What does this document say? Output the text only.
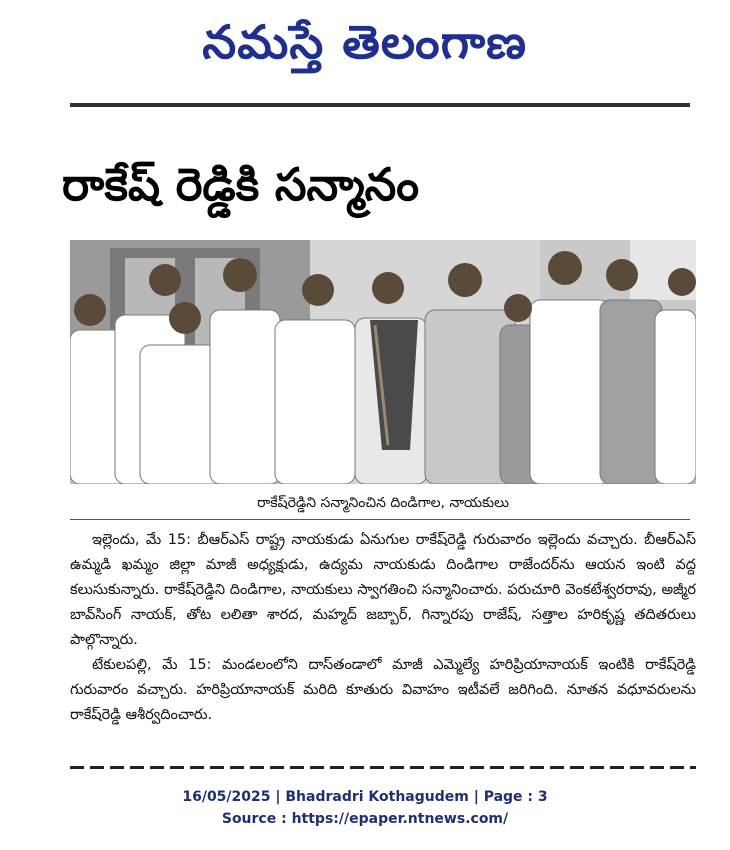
నమస్తే తెలంగాణ
రాకేష్ రెడ్డికి సన్మానం
రాకేష్‌రెడ్డిని సన్మానించిన దిండిగాల, నాయకులు

ఇల్లెందు, మే 15: బీఆర్‌ఎస్ రాష్ట్ర నాయకుడు ఏనుగుల రాకేష్‌రెడ్డి గురువారం ఇల్లెందు వచ్చారు. బీఆర్‌ఎస్ ఉమ్మడి ఖమ్మం జిల్లా మాజీ అధ్యక్షుడు, ఉద్యమ నాయకుడు దిండిగాల రాజేందర్‌ను ఆయన ఇంటి వద్ద కలుసుకున్నారు. రాకేష్‌రెడ్డిని దిండిగాల, నాయకులు స్వాగతించి సన్మానించారు. పరుచూరి వెంకటేశ్వరరావు, అజ్మీర బావ్‌సింగ్ నాయక్, తోట లలితా శారద, మహ్మద్ జబ్బార్, గిన్నారపు రాజేష్, సత్తాల హరికృష్ణ తదితరులు పాల్గొన్నారు.

టేకులపల్లి, మే 15: మండలంలోని దాస్‌తండాలో మాజీ ఎమ్మెల్యే హరిప్రియానాయక్ ఇంటికి రాకేష్‌రెడ్డి గురువారం వచ్చారు. హరిప్రియానాయక్ మరిది కూతురు వివాహం ఇటీవలే జరిగింది. నూతన వధూవరులను రాకేష్‌రెడ్డి ఆశీర్వదించారు.

16/05/2025 | Bhadradri Kothagudem | Page : 3
Source : https://epaper.ntnews.com/
